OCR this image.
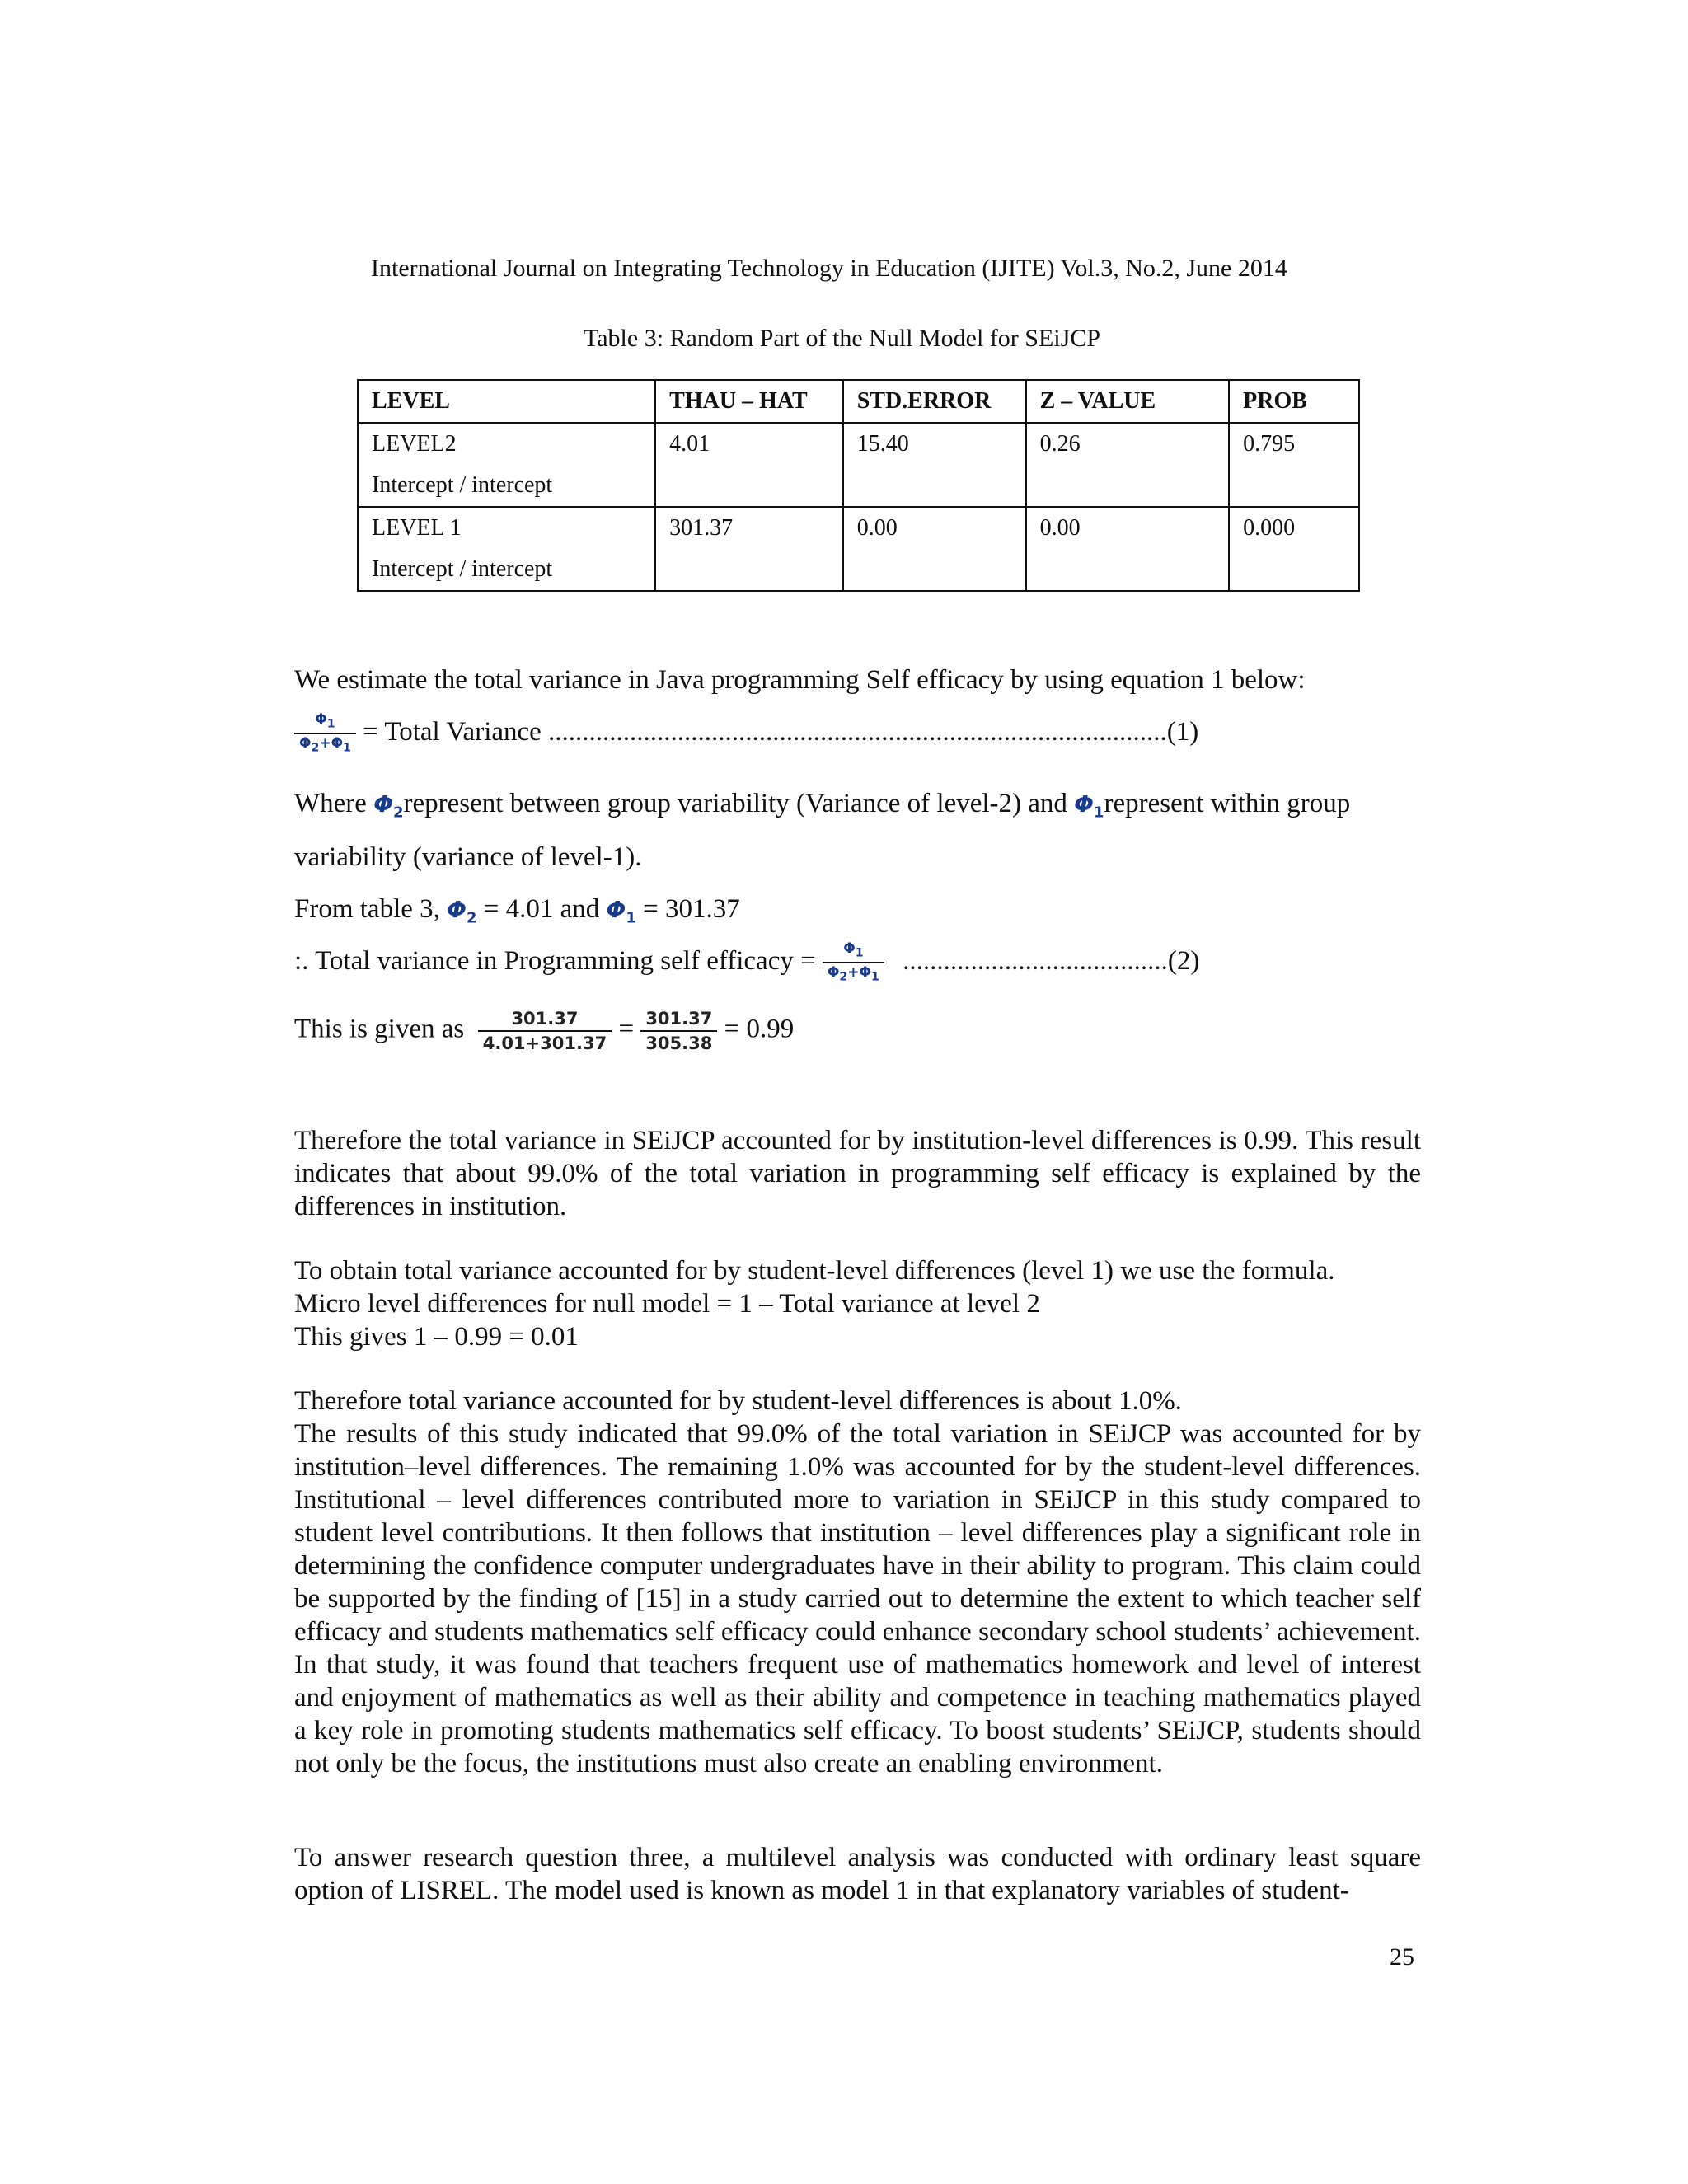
International Journal on Integrating Technology in Education (IJITE) Vol.3, No.2, June 2014
Table 3: Random Part of the Null Model for SEiJCP
LEVEL	THAU – HAT	STD.ERROR	Z – VALUE	PROB

LEVEL2
Intercept / intercept	4.01	15.40	0.26	0.795

LEVEL 1
Intercept / intercept	301.37	0.00	0.00	0.000
We estimate the total variance in Java programming Self efficacy by using equation 1 below:
$\frac{\Phi_1}{\Phi_2+\Phi_1}$ = Total Variance ...........................................................................................(1)
Where $\Phi_2represent$ between group variability (Variance of level-2) and $\Phi_1represent$ within group
variability (variance of level-1).
From table 3, $\Phi_2 = 4.01$ and $\Phi_1 = 301.37$
:. Total variance in Programming self efficacy = $\frac{\Phi_1}{\Phi_2+\Phi_1} .......................................(2)$
This is given as $\frac{301.37}{4.01+301.37} = \frac{301.37}{305.38} = 0.99$
Therefore the total variance in SEiJCP accounted for by institution-level differences is 0.99. This result indicates that about 99.0% of the total variation in programming self efficacy is explained by the differences in institution.
To obtain total variance accounted for by student-level differences (level 1) we use the formula.
Micro level differences for null model = 1 – Total variance at level 2
This gives 1 – 0.99 = 0.01
Therefore total variance accounted for by student-level differences is about 1.0%.
The results of this study indicated that 99.0% of the total variation in SEiJCP was accounted for by institution–level differences. The remaining 1.0% was accounted for by the student-level differences. Institutional – level differences contributed more to variation in SEiJCP in this study compared to student level contributions. It then follows that institution – level differences play a significant role in determining the confidence computer undergraduates have in their ability to program. This claim could be supported by the finding of [15] in a study carried out to determine the extent to which teacher self efficacy and students mathematics self efficacy could enhance secondary school students’ achievement. In that study, it was found that teachers frequent use of mathematics homework and level of interest and enjoyment of mathematics as well as their ability and competence in teaching mathematics played a key role in promoting students mathematics self efficacy. To boost students’ SEiJCP, students should not only be the focus, the institutions must also create an enabling environment.
To answer research question three, a multilevel analysis was conducted with ordinary least square option of LISREL. The model used is known as model 1 in that explanatory variables of student-
25
